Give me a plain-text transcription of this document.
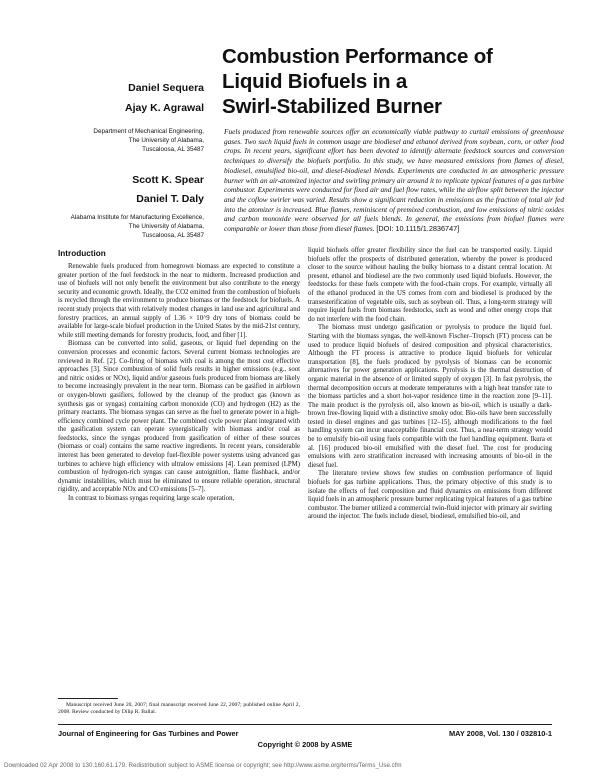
Combustion Performance of
Liquid Biofuels in a
Swirl-Stabilized Burner
Daniel Sequera
Ajay K. Agrawal
Department of Mechanical Engineering,
The University of Alabama,
Tuscaloosa, AL 35487
Scott K. Spear
Daniel T. Daly
Alabama Institute for Manufacturing Excellence,
The University of Alabama,
Tuscaloosa, AL 35487
Fuels produced from renewable sources offer an economically viable pathway to curtail emissions of greenhouse gases. Two such liquid fuels in common usage are biodiesel and ethanol derived from soybean, corn, or other food crops. In recent years, significant effort has been devoted to identify alternate feedstock sources and conversion techniques to diversify the biofuels portfolio. In this study, we have measured emissions from flames of diesel, biodiesel, emulsified bio-oil, and diesel-biodiesel blends. Experiments are conducted in an atmospheric pressure burner with an air-atomized injector and swirling primary air around it to replicate typical features of a gas turbine combustor. Experiments were conducted for fixed air and fuel flow rates, while the airflow split between the injector and the coflow swirler was varied. Results show a significant reduction in emissions as the fraction of total air fed into the atomizer is increased. Blue flames, reminiscent of premixed combustion, and low emissions of nitric oxides and carbon monoxide were observed for all fuels blends. In general, the emissions from biofuel flames were comparable or lower than those from diesel flames. [DOI: 10.1115/1.2836747]
Introduction

Renewable fuels produced from homegrown biomass are expected to constitute a greater portion of the fuel feedstock in the near to midterm. Increased production and use of biofuels will not only benefit the environment but also contribute to the energy security and economic growth. Ideally, the CO2 emitted from the combustion of biofuels is recycled through the environment to produce biomass or the feedstock for biofuels. A recent study projects that with relatively modest changes in land use and agricultural and forestry practices, an annual supply of 1.36 × 10^9 dry tons of biomass could be available for large-scale biofuel production in the United States by the mid-21st century, while still meeting demands for forestry products, food, and fiber [1].

Biomass can be converted into solid, gaseous, or liquid fuel depending on the conversion processes and economic factors. Several current biomass technologies are reviewed in Ref. [2]. Co-firing of biomass with coal is among the most cost effective approaches [3]. Since combustion of solid fuels results in higher emissions (e.g., soot and nitric oxides or NOx), liquid and/or gaseous fuels produced from biomass are likely to become increasingly prevalent in the near term. Biomass can be gasified in airblown or oxygen-blown gasifiers, followed by the cleanup of the product gas (known as synthesis gas or syngas) containing carbon monoxide (CO) and hydrogen (H2) as the primary reactants. The biomass syngas can serve as the fuel to generate power in a high-efficiency combined cycle power plant. The combined cycle power plant integrated with the gasification system can operate synergistically with biomass and/or coal as feedstocks, since the syngas produced from gasification of either of these sources (biomass or coal) contains the same reactive ingredients. In recent years, considerable interest has been generated to develop fuel-flexible power systems using advanced gas turbines to achieve high efficiency with ultralow emissions [4]. Lean premixed (LPM) combustion of hydrogen-rich syngas can cause autoignition, flame flashback, and/or dynamic instabilities, which must be eliminated to ensure reliable operation, structural rigidity, and acceptable NOx and CO emissions [5–7].

In contrast to biomass syngas requiring large scale operation,

Manuscript received June 20, 2007; final manuscript received June 22, 2007; published online April 2, 2008. Review conducted by Dilip R. Ballal.

liquid biofuels offer greater flexibility since the fuel can be transported easily. Liquid biofuels offer the prospects of distributed generation, whereby the power is produced closer to the source without hauling the bulky biomass to a distant central location. At present, ethanol and biodiesel are the two commonly used liquid biofuels. However, the feedstocks for these fuels compete with the food-chain crops. For example, virtually all of the ethanol produced in the US comes from corn and biodiesel is produced by the transesterification of vegetable oils, such as soybean oil. Thus, a long-term strategy will require liquid fuels from biomass feedstocks, such as wood and other energy crops that do not interfere with the food chain.

The biomass must undergo gasification or pyrolysis to produce the liquid fuel. Starting with the biomass syngas, the well-known Fischer–Tropsch (FT) process can be used to produce liquid biofuels of desired composition and physical characteristics. Although the FT process is attractive to produce liquid biofuels for vehicular transportation [8], the fuels produced by pyrolysis of biomass can be economic alternatives for power generation applications. Pyrolysis is the thermal destruction of organic material in the absence of or limited supply of oxygen [3]. In fast pyrolysis, the thermal decomposition occurs at moderate temperatures with a high heat transfer rate to the biomass particles and a short hot-vapor residence time in the reaction zone [9–11]. The main product is the pyrolysis oil, also known as bio-oil, which is usually a dark-brown free-flowing liquid with a distinctive smoky odor. Bio-oils have been successfully tested in diesel engines and gas turbines [12–15], although modifications to the fuel handling system can incur unacceptable financial cost. Thus, a near-term strategy would be to emulsify bio-oil using fuels compatible with the fuel handling equipment. Ikura et al. [16] produced bio-oil emulsified with the diesel fuel. The cost for producing emulsions with zero stratification increased with increasing amounts of bio-oil in the diesel fuel.

The literature review shows few studies on combustion performance of liquid biofuels for gas turbine applications. Thus, the primary objective of this study is to isolate the effects of fuel composition and fluid dynamics on emissions from different liquid fuels in an atmospheric pressure burner replicating typical features of a gas turbine combustor. The burner utilized a commercial twin-fluid injector with primary air swirling around the injector. The fuels include diesel, biodiesel, emulsified bio-oil, and

Journal of Engineering for Gas Turbines and Power	MAY 2008, Vol. 130 / 032810-1
Copyright © 2008 by ASME
Downloaded 02 Apr 2008 to 130.160.61.179. Redistribution subject to ASME license or copyright; see http://www.asme.org/terms/Terms_Use.cfm
